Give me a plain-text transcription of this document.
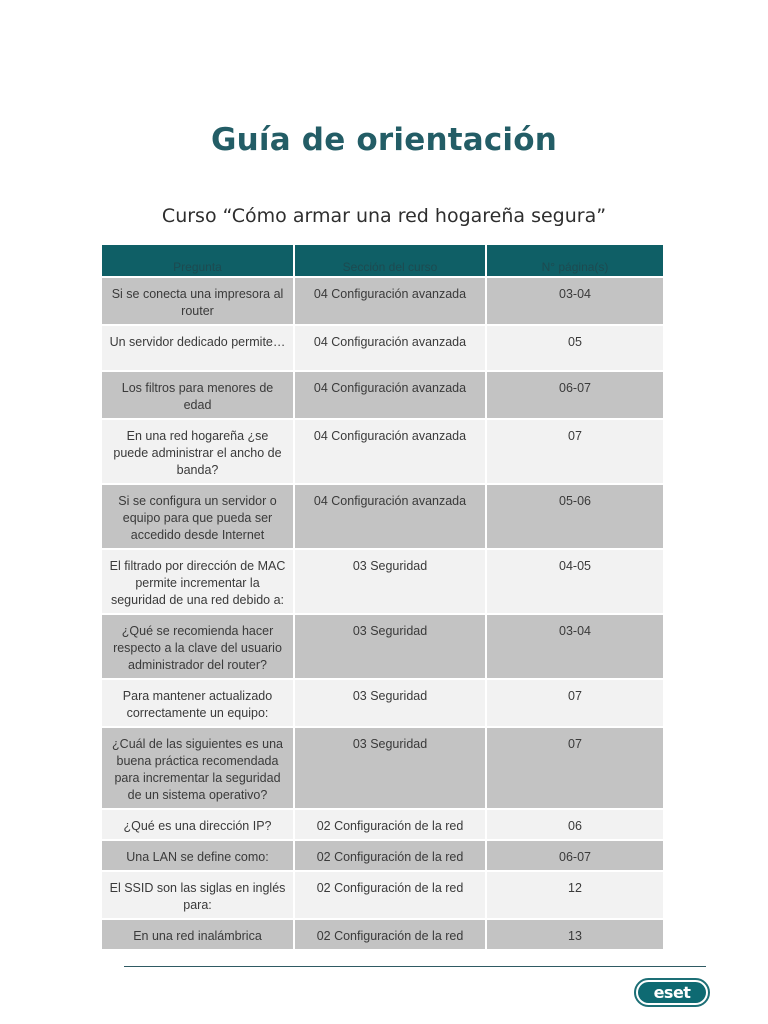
Guía de orientación
Curso “Cómo armar una red hogareña segura”
Pregunta	Sección del curso	N° página(s)
Si se conecta una impresora al router	04 Configuración avanzada	03-04
Un servidor dedicado permite…	04 Configuración avanzada	05
Los filtros para menores de edad	04 Configuración avanzada	06-07
En una red hogareña ¿se puede administrar el ancho de banda?	04 Configuración avanzada	07
Si se configura un servidor o equipo para que pueda ser accedido desde Internet	04 Configuración avanzada	05-06
El filtrado por dirección de MAC permite incrementar la seguridad de una red debido a:	03 Seguridad	04-05
¿Qué se recomienda hacer respecto a la clave del usuario administrador del router?	03 Seguridad	03-04
Para mantener actualizado correctamente un equipo:	03 Seguridad	07
¿Cuál de las siguientes es una buena práctica recomendada para incrementar la seguridad de un sistema operativo?	03 Seguridad	07
¿Qué es una dirección IP?	02 Configuración de la red	06
Una LAN se define como:	02 Configuración de la red	06-07
El SSID son las siglas en inglés para:	02 Configuración de la red	12
En una red inalámbrica	02 Configuración de la red	13
eset
